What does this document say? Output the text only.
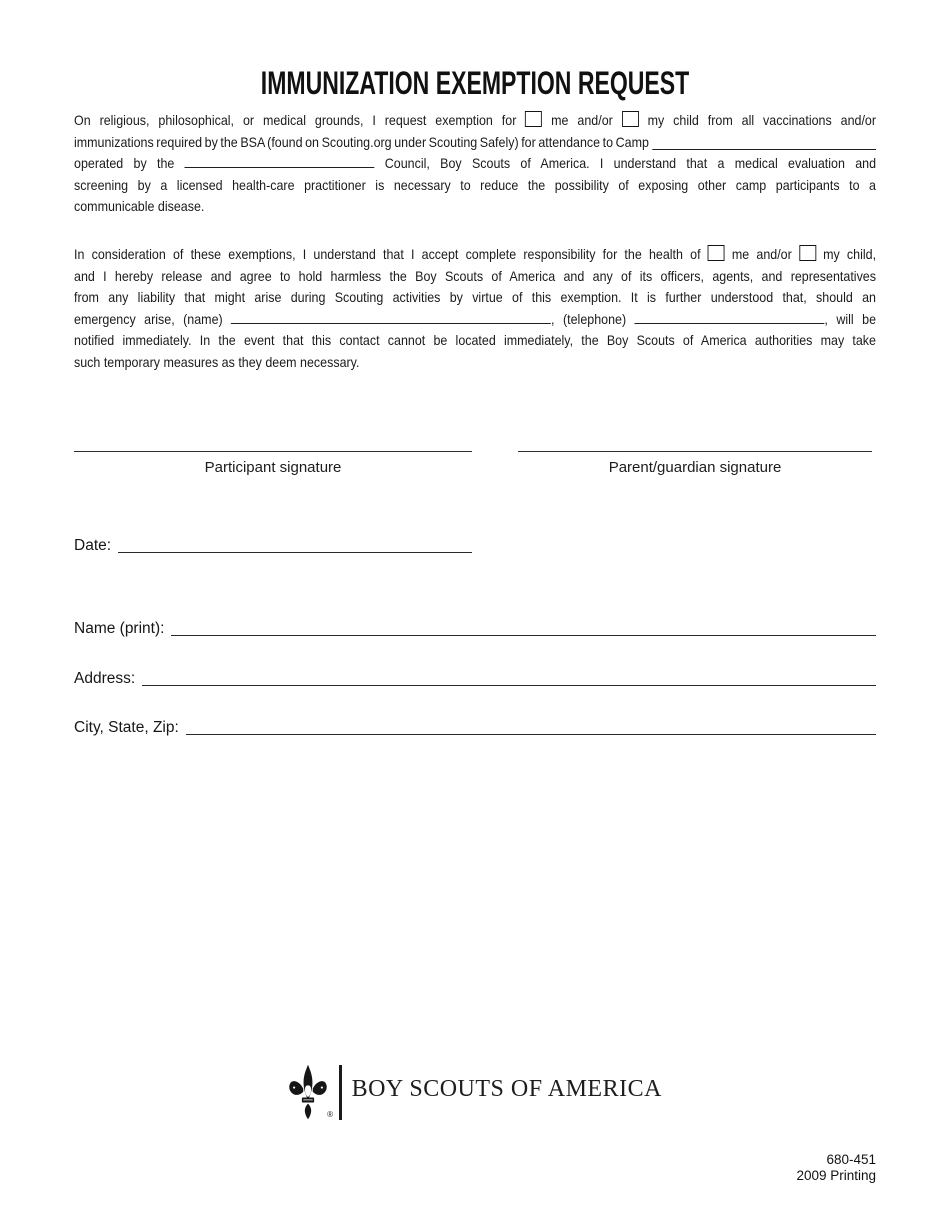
IMMUNIZATION EXEMPTION REQUEST
On religious, philosophical, or medical grounds, I request exemption for me and/or my child from all vaccinations and/or
immunizations required by the BSA (found on Scouting.org under Scouting Safely) for attendance to Camp
operated by the	Council, Boy Scouts of America. I understand that a medical evaluation and
screening by a licensed health-care practitioner is necessary to reduce the possibility of exposing other camp participants to a
communicable disease.
In consideration of these exemptions, I understand that I accept complete responsibility for the health of me and/or my child,
and I hereby release and agree to hold harmless the Boy Scouts of America and any of its officers, agents, and representatives
from any liability that might arise during Scouting activities by virtue of this exemption. It is further understood that, should an
emergency arise, (name)	, (telephone)	, will be
notified immediately. In the event that this contact cannot be located immediately, the Boy Scouts of America authorities may take
such temporary measures as they deem necessary.
Participant signature	Parent/guardian signature
Date:
Name (print):
Address:
City, State, Zip:
®
BOY SCOUTS OF AMERICA
680-451
2009 Printing
